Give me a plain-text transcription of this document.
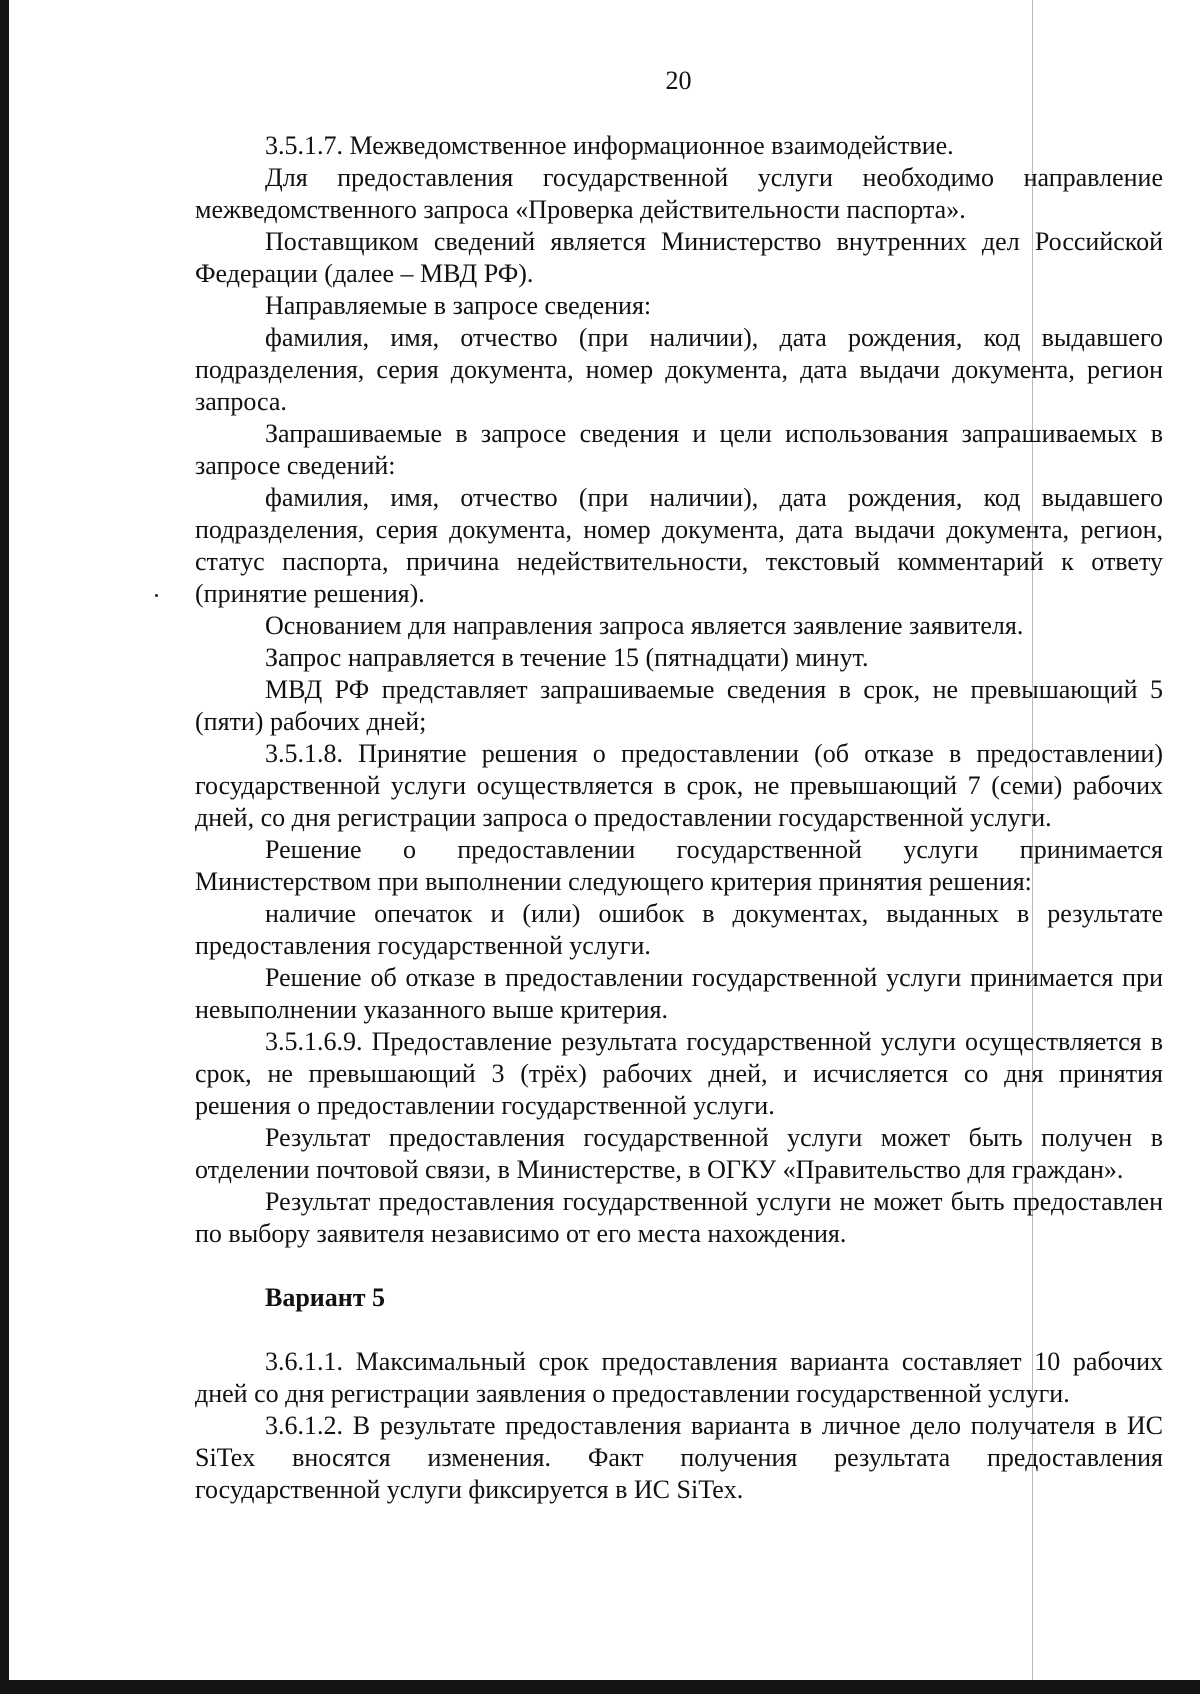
20

3.5.1.7. Межведомственное информационное взаимодействие.

Для предоставления государственной услуги необходимо направление межведомственного запроса «Проверка действительности паспорта».

Поставщиком сведений является Министерство внутренних дел Российской Федерации (далее – МВД РФ).

Направляемые в запросе сведения:

фамилия, имя, отчество (при наличии), дата рождения, код выдавшего подразделения, серия документа, номер документа, дата выдачи документа, регион запроса.

Запрашиваемые в запросе сведения и цели использования запрашиваемых в запросе сведений:

фамилия, имя, отчество (при наличии), дата рождения, код выдавшего подразделения, серия документа, номер документа, дата выдачи документа, регион, статус паспорта, причина недействительности, текстовый комментарий к ответу (принятие решения).

Основанием для направления запроса является заявление заявителя.

Запрос направляется в течение 15 (пятнадцати) минут.

МВД РФ представляет запрашиваемые сведения в срок, не превышающий 5 (пяти) рабочих дней;

3.5.1.8. Принятие решения о предоставлении (об отказе в предоставлении) государственной услуги осуществляется в срок, не превышающий 7 (семи) рабочих дней, со дня регистрации запроса о предоставлении государственной услуги.

Решение о предоставлении государственной услуги принимается Министерством при выполнении следующего критерия принятия решения:

наличие опечаток и (или) ошибок в документах, выданных в результате предоставления государственной услуги.

Решение об отказе в предоставлении государственной услуги принимается при невыполнении указанного выше критерия.

3.5.1.6.9. Предоставление результата государственной услуги осуществляется в срок, не превышающий 3 (трёх) рабочих дней, и исчисляется со дня принятия решения о предоставлении государственной услуги.

Результат предоставления государственной услуги может быть получен в отделении почтовой связи, в Министерстве, в ОГКУ «Правительство для граждан».

Результат предоставления государственной услуги не может быть предоставлен по выбору заявителя независимо от его места нахождения.

Вариант 5

3.6.1.1. Максимальный срок предоставления варианта составляет 10 рабочих дней со дня регистрации заявления о предоставлении государственной услуги.

3.6.1.2. В результате предоставления варианта в личное дело получателя в ИС SiTex вносятся изменения. Факт получения результата предоставления государственной услуги фиксируется в ИС SiTex.
